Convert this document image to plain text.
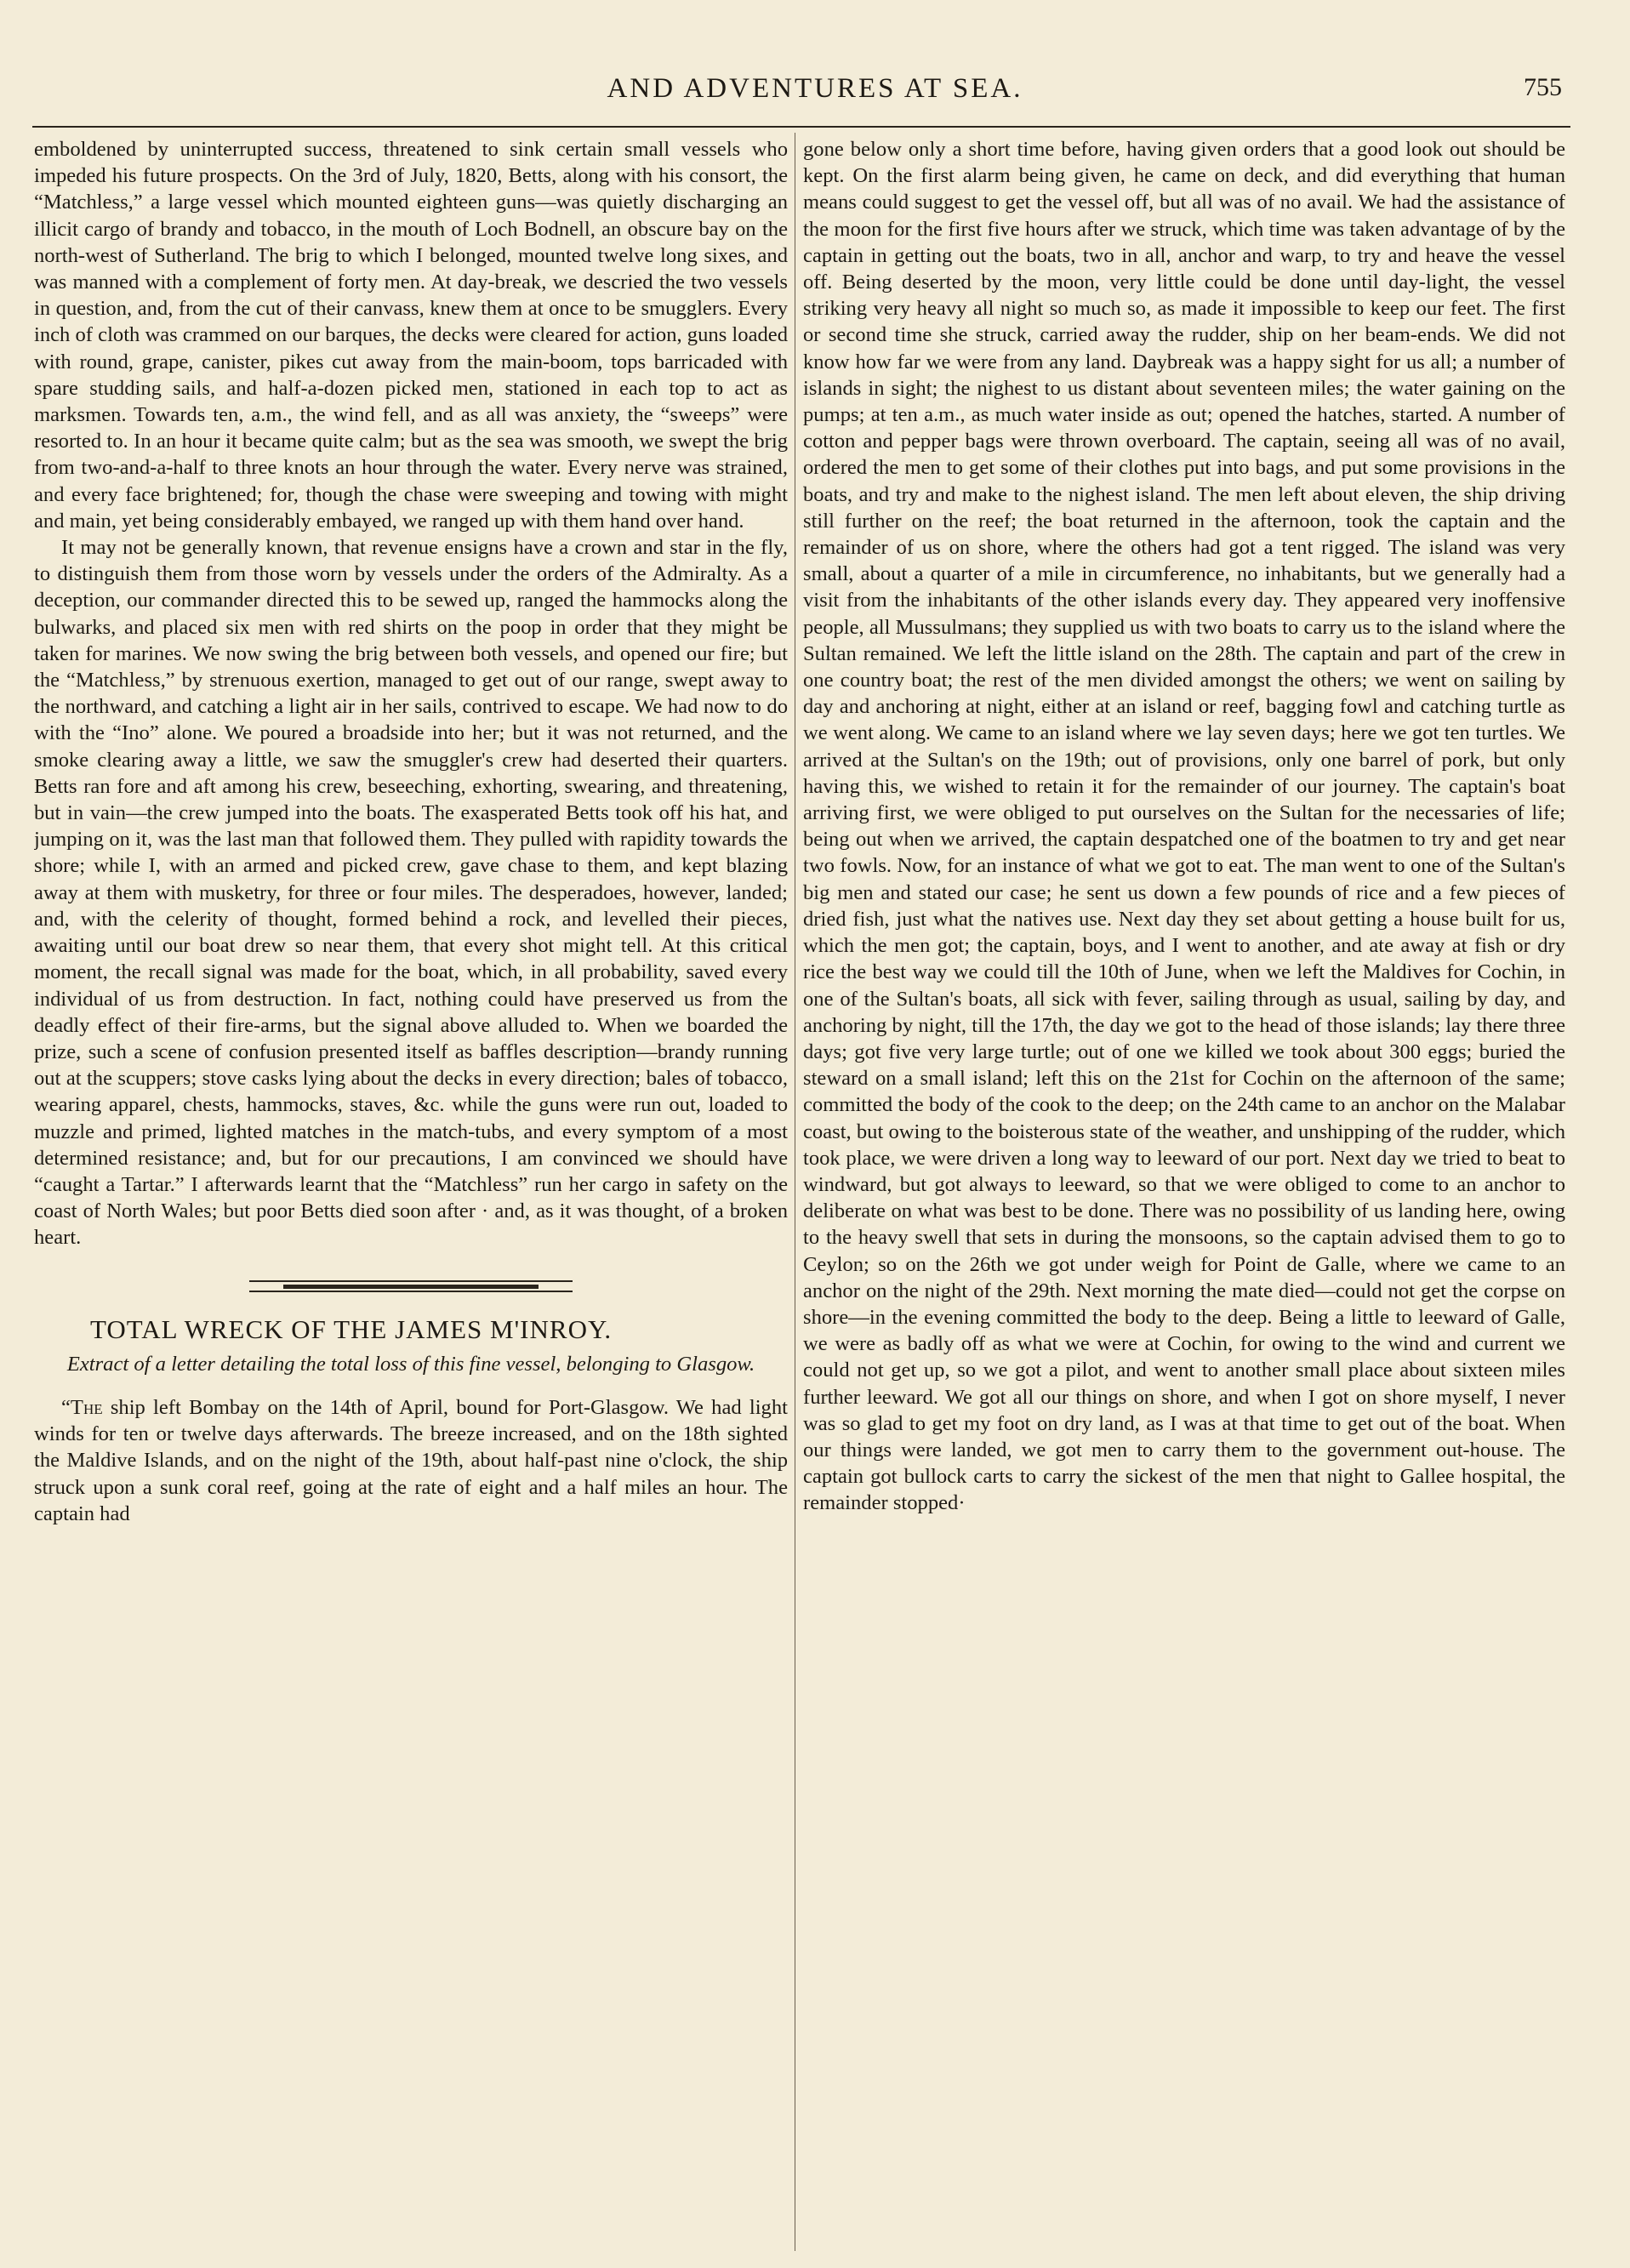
AND ADVENTURES AT SEA.	755

emboldened by uninterrupted success, threatened to sink certain small vessels who impeded his future prospects. On the 3rd of July, 1820, Betts, along with his consort, the “Matchless,” a large vessel which mounted eighteen guns—was quietly discharging an illicit cargo of brandy and tobacco, in the mouth of Loch Bodnell, an obscure bay on the north-west of Sutherland. The brig to which I belonged, mounted twelve long sixes, and was manned with a complement of forty men. At day-break, we descried the two vessels in question, and, from the cut of their canvass, knew them at once to be smugglers. Every inch of cloth was crammed on our barques, the decks were cleared for action, guns loaded with round, grape, canister, pikes cut away from the main-boom, tops barricaded with spare studding sails, and half-a-dozen picked men, stationed in each top to act as marksmen. Towards ten, a.m., the wind fell, and as all was anxiety, the “sweeps” were resorted to. In an hour it became quite calm; but as the sea was smooth, we swept the brig from two-and-a-half to three knots an hour through the water. Every nerve was strained, and every face brightened; for, though the chase were sweeping and towing with might and main, yet being considerably embayed, we ranged up with them hand over hand.

It may not be generally known, that revenue ensigns have a crown and star in the fly, to distinguish them from those worn by vessels under the orders of the Admiralty. As a deception, our commander directed this to be sewed up, ranged the hammocks along the bulwarks, and placed six men with red shirts on the poop in order that they might be taken for marines. We now swing the brig between both vessels, and opened our fire; but the “Matchless,” by strenuous exertion, managed to get out of our range, swept away to the northward, and catching a light air in her sails, contrived to escape. We had now to do with the “Ino” alone. We poured a broadside into her; but it was not returned, and the smoke clearing away a little, we saw the smuggler's crew had deserted their quarters. Betts ran fore and aft among his crew, beseeching, exhorting, swearing, and threatening, but in vain—the crew jumped into the boats. The exasperated Betts took off his hat, and jumping on it, was the last man that followed them. They pulled with rapidity towards the shore; while I, with an armed and picked crew, gave chase to them, and kept blazing away at them with musketry, for three or four miles. The desperadoes, however, landed; and, with the celerity of thought, formed behind a rock, and levelled their pieces, awaiting until our boat drew so near them, that every shot might tell. At this critical moment, the recall signal was made for the boat, which, in all probability, saved every individual of us from destruction. In fact, nothing could have preserved us from the deadly effect of their fire-arms, but the signal above alluded to. When we boarded the prize, such a scene of confusion presented itself as baffles description—brandy running out at the scuppers; stove casks lying about the decks in every direction; bales of tobacco, wearing apparel, chests, hammocks, staves, &c. while the guns were run out, loaded to muzzle and primed, lighted matches in the match-tubs, and every symptom of a most determined resistance; and, but for our precautions, I am convinced we should have “caught a Tartar.” I afterwards learnt that the “Matchless” run her cargo in safety on the coast of North Wales; but poor Betts died soon after · and, as it was thought, of a broken heart.

TOTAL WRECK OF THE JAMES M'INROY.
Extract of a letter detailing the total loss of this fine vessel, belonging to Glasgow.

“The ship left Bombay on the 14th of April, bound for Port-Glasgow. We had light winds for ten or twelve days afterwards. The breeze increased, and on the 18th sighted the Maldive Islands, and on the night of the 19th, about half-past nine o'clock, the ship struck upon a sunk coral reef, going at the rate of eight and a half miles an hour. The captain had

gone below only a short time before, having given orders that a good look out should be kept. On the first alarm being given, he came on deck, and did everything that human means could suggest to get the vessel off, but all was of no avail. We had the assistance of the moon for the first five hours after we struck, which time was taken advantage of by the captain in getting out the boats, two in all, anchor and warp, to try and heave the vessel off. Being deserted by the moon, very little could be done until day-light, the vessel striking very heavy all night so much so, as made it impossible to keep our feet. The first or second time she struck, carried away the rudder, ship on her beam-ends. We did not know how far we were from any land. Daybreak was a happy sight for us all; a number of islands in sight; the nighest to us distant about seventeen miles; the water gaining on the pumps; at ten a.m., as much water inside as out; opened the hatches, started. A number of cotton and pepper bags were thrown overboard. The captain, seeing all was of no avail, ordered the men to get some of their clothes put into bags, and put some provisions in the boats, and try and make to the nighest island. The men left about eleven, the ship driving still further on the reef; the boat returned in the afternoon, took the captain and the remainder of us on shore, where the others had got a tent rigged. The island was very small, about a quarter of a mile in circumference, no inhabitants, but we generally had a visit from the inhabitants of the other islands every day. They appeared very inoffensive people, all Mussulmans; they supplied us with two boats to carry us to the island where the Sultan remained. We left the little island on the 28th. The captain and part of the crew in one country boat; the rest of the men divided amongst the others; we went on sailing by day and anchoring at night, either at an island or reef, bagging fowl and catching turtle as we went along. We came to an island where we lay seven days; here we got ten turtles. We arrived at the Sultan's on the 19th; out of provisions, only one barrel of pork, but only having this, we wished to retain it for the remainder of our journey. The captain's boat arriving first, we were obliged to put ourselves on the Sultan for the necessaries of life; being out when we arrived, the captain despatched one of the boatmen to try and get near two fowls. Now, for an instance of what we got to eat. The man went to one of the Sultan's big men and stated our case; he sent us down a few pounds of rice and a few pieces of dried fish, just what the natives use. Next day they set about getting a house built for us, which the men got; the captain, boys, and I went to another, and ate away at fish or dry rice the best way we could till the 10th of June, when we left the Maldives for Cochin, in one of the Sultan's boats, all sick with fever, sailing through as usual, sailing by day, and anchoring by night, till the 17th, the day we got to the head of those islands; lay there three days; got five very large turtle; out of one we killed we took about 300 eggs; buried the steward on a small island; left this on the 21st for Cochin on the afternoon of the same; committed the body of the cook to the deep; on the 24th came to an anchor on the Malabar coast, but owing to the boisterous state of the weather, and unshipping of the rudder, which took place, we were driven a long way to leeward of our port. Next day we tried to beat to windward, but got always to leeward, so that we were obliged to come to an anchor to deliberate on what was best to be done. There was no possibility of us landing here, owing to the heavy swell that sets in during the monsoons, so the captain advised them to go to Ceylon; so on the 26th we got under weigh for Point de Galle, where we came to an anchor on the night of the 29th. Next morning the mate died—could not get the corpse on shore—in the evening committed the body to the deep. Being a little to leeward of Galle, we were as badly off as what we were at Cochin, for owing to the wind and current we could not get up, so we got a pilot, and went to another small place about sixteen miles further leeward. We got all our things on shore, and when I got on shore myself, I never was so glad to get my foot on dry land, as I was at that time to get out of the boat. When our things were landed, we got men to carry them to the government out-house. The captain got bullock carts to carry the sickest of the men that night to Gallee hospital, the remainder stopped·
